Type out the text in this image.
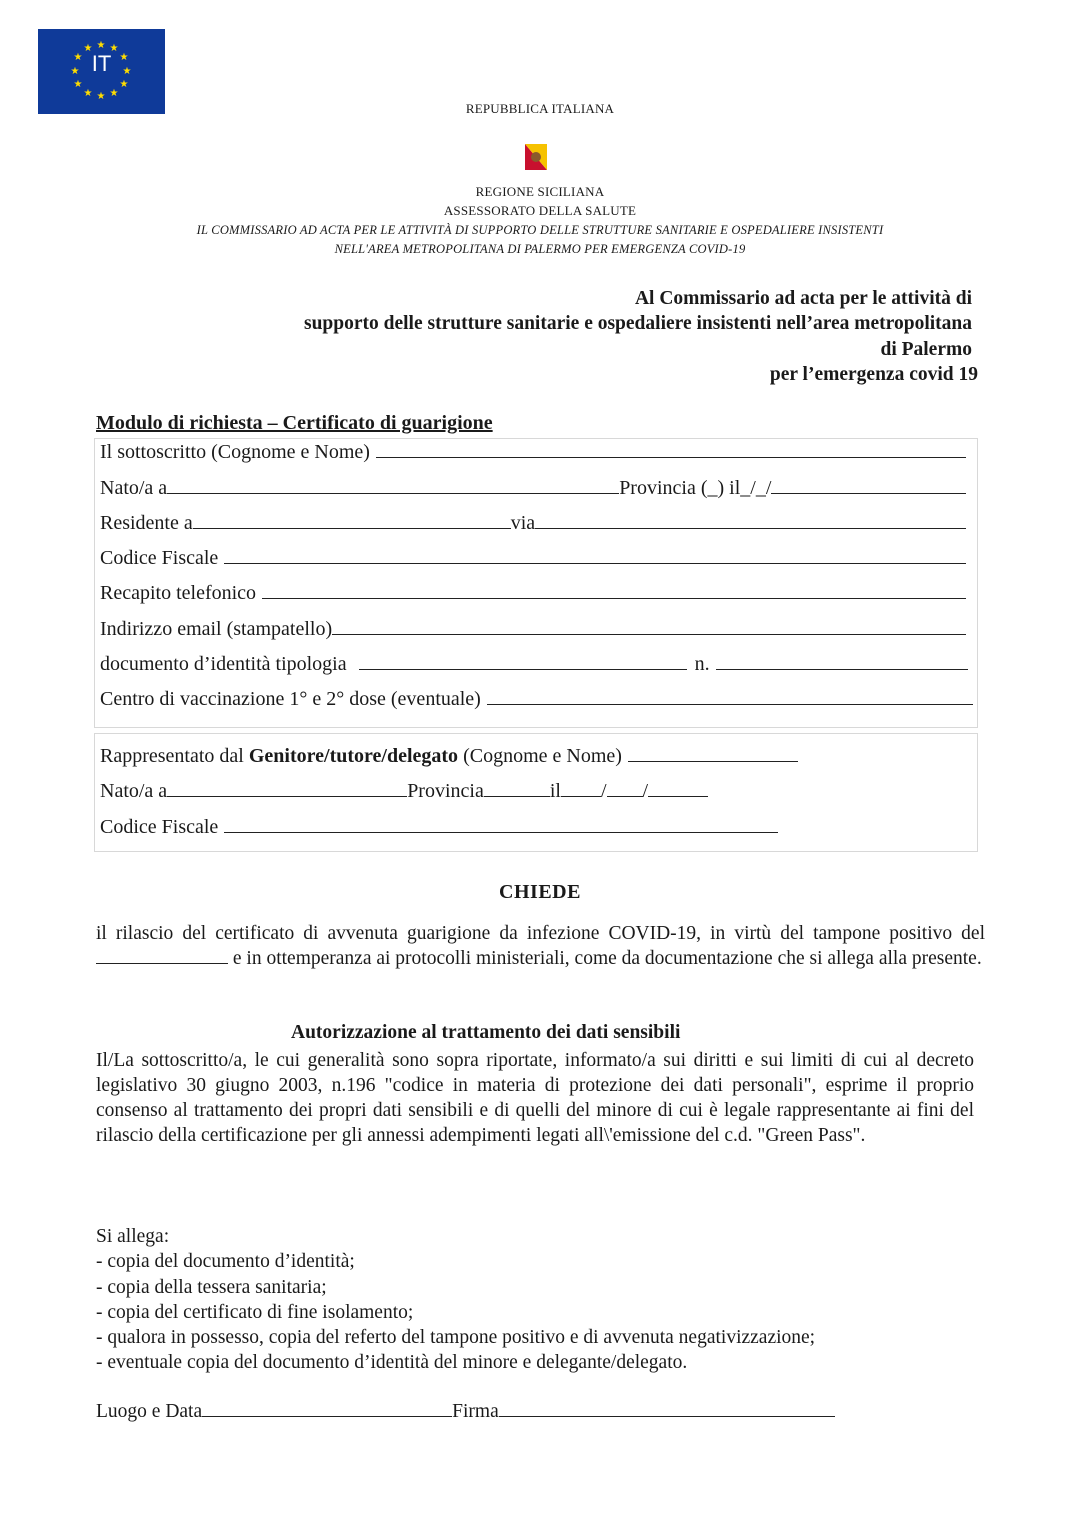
★ ★
★
★
★
★
★
★
★
★
★
★
IT
REPUBBLICA ITALIANA
REGIONE SICILIANA
ASSESSORATO DELLA SALUTE
IL COMMISSARIO AD ACTA PER LE ATTIVITÀ DI SUPPORTO DELLE STRUTTURE SANITARIE E OSPEDALIERE INSISTENTI
NELL'AREA METROPOLITANA DI PALERMO PER EMERGENZA COVID-19
Al Commissario ad acta per le attività di
supporto delle strutture sanitarie e ospedaliere insistenti nell’area metropolitana
di Palermo
per l’emergenza covid 19
Modulo di richiesta – Certificato di guarigione
Il sottoscritto (Cognome e Nome)
Nato/a a	Provincia (_) il_/_/
Residente a	via
Codice Fiscale
Recapito telefonico
Indirizzo email (stampatello)
documento d’identità tipologia	n.
Centro di vaccinazione 1° e 2° dose (eventuale)
Rappresentato dal Genitore/tutore/delegato (Cognome e Nome)
Nato/a a	Provincia	il / /
Codice Fiscale
CHIEDE
il rilascio del certificato di avvenuta guarigione da infezione COVID-19, in virtù del tampone positivo del  e in ottemperanza ai protocolli ministeriali, come da documentazione che si allega alla presente.
Autorizzazione al trattamento dei dati sensibili
Il/La sottoscritto/a, le cui generalità sono sopra riportate, informato/a sui diritti e sui limiti di cui al decreto legislativo 30 giugno 2003, n.196 "codice in materia di protezione dei dati personali", esprime il proprio consenso al trattamento dei propri dati sensibili e di quelli del minore di cui è legale rappresentante ai fini del rilascio della certificazione per gli annessi adempimenti legati all\'emissione del c.d. "Green Pass".
Si allega:
- copia del documento d’identità;
- copia della tessera sanitaria;
- copia del certificato di fine isolamento;
- qualora in possesso, copia del referto del tampone positivo e di avvenuta negativizzazione;
- eventuale copia del documento d’identità del minore e delegante/delegato.
Luogo e Data	Firma
